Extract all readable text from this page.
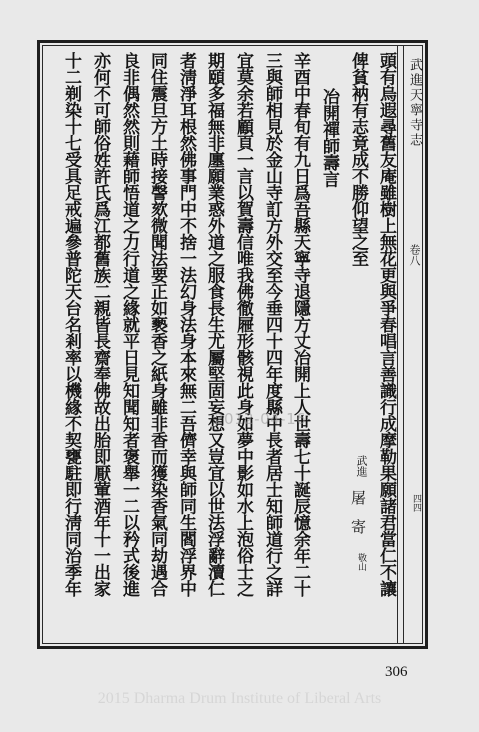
武進天寧寺志
卷八
四四
頭有烏遐尋舊友庵雖樹上無花更與爭春唱言善識行成摩勒果願諸君當仁不讓
俾貧衲有志竟成不勝仰望之至
冶開禪師壽言
辛酉中春旬有九日爲吾縣天寧寺退隱方丈冶開上人世壽七十誕辰憶余年二十
三與師相見於金山寺訂方外交至今垂四十四年度縣中長者居士知師道行之詳
宜莫余若顧頁一言以賀壽信唯我佛徹屜形骸視此身如夢中影如水上泡俗士之
期頤多福無非廛願業惑外道之服食長生尤屬堅固妄想又豈宜以世法浮辭瀆仁
者淸淨耳根然佛事門中不捨一法幻身法身本來無二吾儕幸與師同生閻浮界中
同住震旦方土時接謦欬微聞法要正如褻香之紙身雖非香而獲染香氣同劫遇合
良非偶然然則藉師悟道之力行道之緣就平日見知聞知者褒舉一二以矜式後進
亦何不可師俗姓許氏爲江都舊族二親皆長齋奉佛故出胎即厭葷酒年十一出家
十二剃染十七受具足戒遍參普陀天台名剎率以機緣不契甕駐即行淸同治季年	武進
屠寄
敬山
2012-04-16
306
2015 Dharma Drum Institute of Liberal Arts
